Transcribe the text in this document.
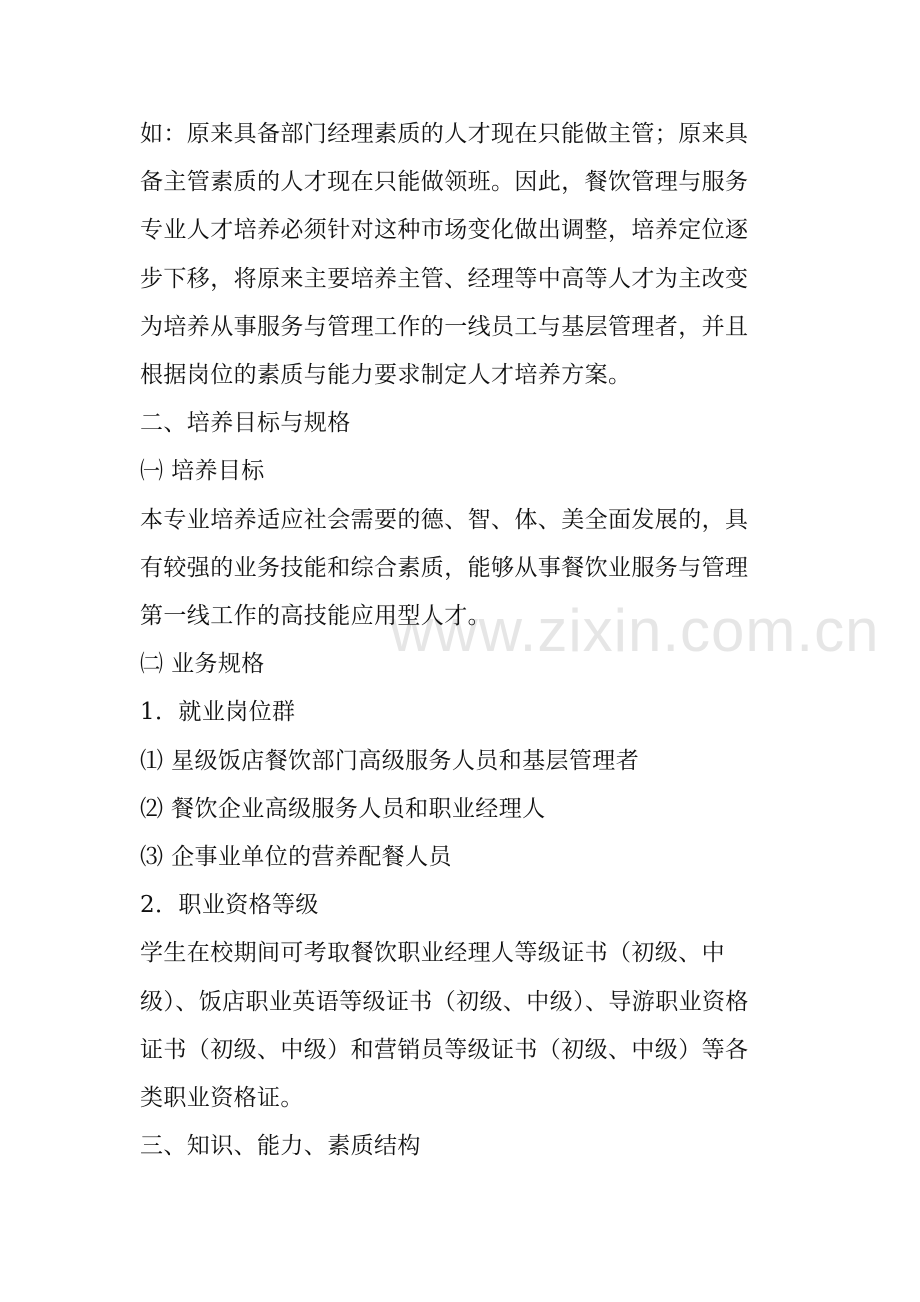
www.zixin.com.cn
如：原来具备部门经理素质的人才现在只能做主管；原来具
备主管素质的人才现在只能做领班。因此，餐饮管理与服务
专业人才培养必须针对这种市场变化做出调整，培养定位逐
步下移，将原来主要培养主管、经理等中高等人才为主改变
为培养从事服务与管理工作的一线员工与基层管理者，并且
根据岗位的素质与能力要求制定人才培养方案。
二、培养目标与规格
㈠ 培养目标
本专业培养适应社会需要的德、智、体、美全面发展的，具
有较强的业务技能和综合素质，能够从事餐饮业服务与管理
第一线工作的高技能应用型人才。
㈡ 业务规格
1．就业岗位群
⑴ 星级饭店餐饮部门高级服务人员和基层管理者
⑵ 餐饮企业高级服务人员和职业经理人
⑶ 企事业单位的营养配餐人员
2．职业资格等级
学生在校期间可考取餐饮职业经理人等级证书（初级、中
级）、饭店职业英语等级证书（初级、中级）、导游职业资格
证书（初级、中级）和营销员等级证书（初级、中级）等各
类职业资格证。
三、知识、能力、素质结构
